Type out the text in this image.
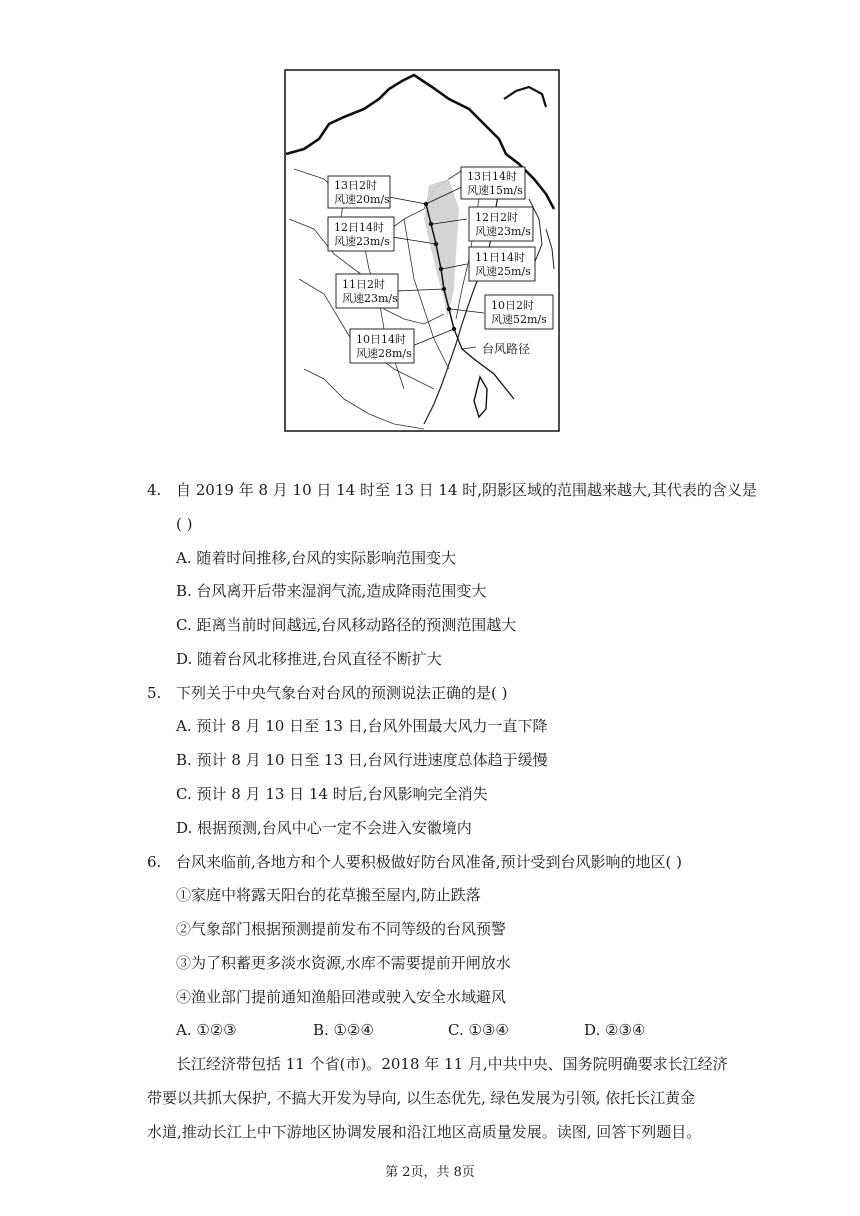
13日2时
风速20m/s
13日14时
风速15m/s
12日2时
风速23m/s
12日14时
风速23m/s
11日14时
风速25m/s
11日2时
风速23m/s
10日2时
风速52m/s
10日14时
风速28m/s	台风路径
4. 自 2019 年 8 月 10 日 14 时至 13 日 14 时,阴影区域的范围越来越大,其代表的含义是
( )
A. 随着时间推移,台风的实际影响范围变大
B. 台风离开后带来湿润气流,造成降雨范围变大
C. 距离当前时间越远,台风移动路径的预测范围越大
D. 随着台风北移推进,台风直径不断扩大
5. 下列关于中央气象台对台风的预测说法正确的是( )
A. 预计 8 月 10 日至 13 日,台风外围最大风力一直下降
B. 预计 8 月 10 日至 13 日,台风行进速度总体趋于缓慢
C. 预计 8 月 13 日 14 时后,台风影响完全消失
D. 根据预测,台风中心一定不会进入安徽境内
6. 台风来临前,各地方和个人要积极做好防台风准备,预计受到台风影响的地区( )
①家庭中将露天阳台的花草搬至屋内,防止跌落
②气象部门根据预测提前发布不同等级的台风预警
③为了积蓄更多淡水资源,水库不需要提前开闸放水
④渔业部门提前通知渔船回港或驶入安全水域避风
A. ①②③	B. ①②④	C. ①③④	D. ②③④
长江经济带包括 11 个省(市)。2018 年 11 月,中共中央、国务院明确要求长江经济
带要以共抓大保护, 不搞大开发为导向, 以生态优先, 绿色发展为引领, 依托长江黄金
水道,推动长江上中下游地区协调发展和沿江地区高质量发展。读图, 回答下列题目。
第 2页，共 8页
